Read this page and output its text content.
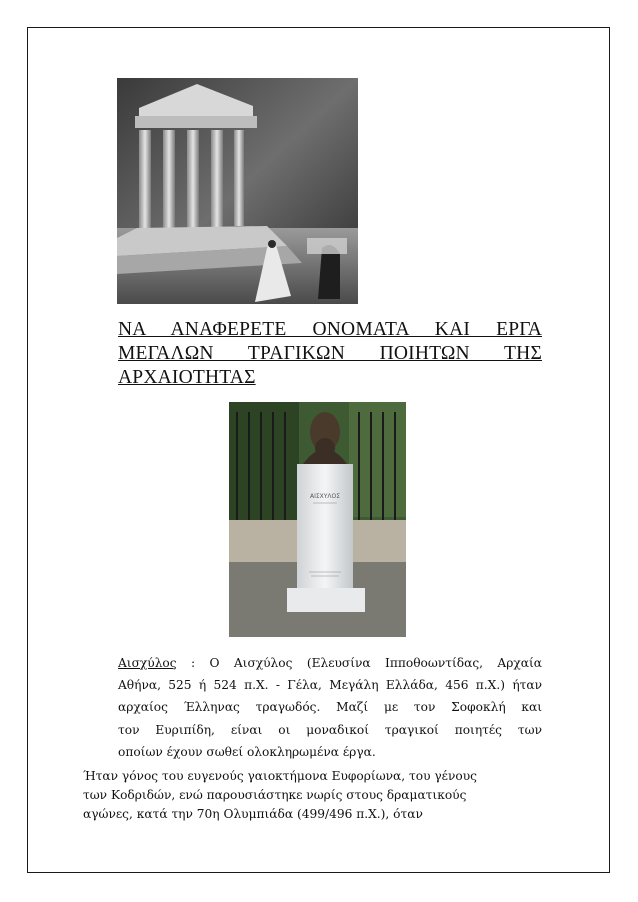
ΝΑ ΑΝΑΦΕΡΕΤΕ ΟΝΟΜΑΤΑ ΚΑΙ ΕΡΓΑ
ΜΕΓΑΛΩΝ ΤΡΑΓΙΚΩΝ ΠΟΙΗΤΩΝ ΤΗΣ
ΑΡΧΑΙΟΤΗΤΑΣ
ΑΙΣΧΥΛΟΣ
Αισχύλος : Ο Αισχύλος (Ελευσίνα Ιπποθοωντίδας, Αρχαία
Αθήνα, 525 ή 524 π.Χ. - Γέλα, Μεγάλη Ελλάδα, 456 π.Χ.) ήταν
αρχαίος Έλληνας τραγωδός. Μαζί με τον Σοφοκλή και
τον Ευριπίδη, είναι οι μοναδικοί τραγικοί ποιητές των
οποίων έχουν σωθεί ολοκληρωμένα έργα.
Ήταν γόνος του ευγενούς γαιοκτήμονα Ευφορίωνα, του γένους
των Κοδριδών, ενώ παρουσιάστηκε νωρίς στους δραματικούς
αγώνες, κατά την 70η Ολυμπιάδα (499/496 π.Χ.), όταν
